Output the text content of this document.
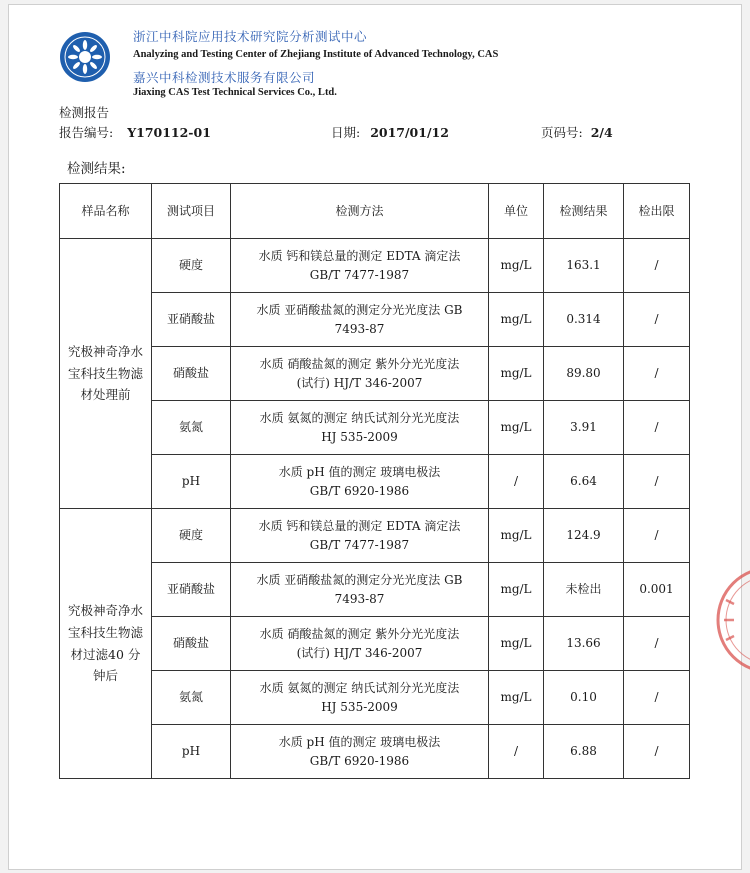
浙江中科院应用技术研究院分析测试中心
Analyzing and Testing Center of Zhejiang Institute of Advanced Technology, CAS
嘉兴中科检测技术服务有限公司
Jiaxing CAS Test Technical Services Co., Ltd.
检测报告
报告编号: Y170112-01	日期: 2017/01/12	页码号: 2/4
检测结果:
样品名称	测试项目	检测方法	单位	检测结果	检出限
究极神奇净水宝科技生物滤材处理前	硬度	水质 钙和镁总量的测定 EDTA 滴定法
GB/T 7477-1987	mg/L	163.1	/
	亚硝酸盐	水质 亚硝酸盐氮的测定分光光度法 GB
7493-87	mg/L	0.314	/
	硝酸盐	水质 硝酸盐氮的测定 紫外分光光度法
(试行) HJ/T 346-2007	mg/L	89.80	/
	氨氮	水质 氨氮的测定 纳氏试剂分光光度法
HJ 535-2009	mg/L	3.91	/
	pH	水质 pH 值的测定 玻璃电极法
GB/T 6920-1986	/	6.64	/
究极神奇净水宝科技生物滤材过滤40 分钟后	硬度	水质 钙和镁总量的测定 EDTA 滴定法
GB/T 7477-1987	mg/L	124.9	/
	亚硝酸盐	水质 亚硝酸盐氮的测定分光光度法 GB
7493-87	mg/L	未检出	0.001
	硝酸盐	水质 硝酸盐氮的测定 紫外分光光度法
(试行) HJ/T 346-2007	mg/L	13.66	/
	氨氮	水质 氨氮的测定 纳氏试剂分光光度法
HJ 535-2009	mg/L	0.10	/
	pH	水质 pH 值的测定 玻璃电极法
GB/T 6920-1986	/	6.88	/
